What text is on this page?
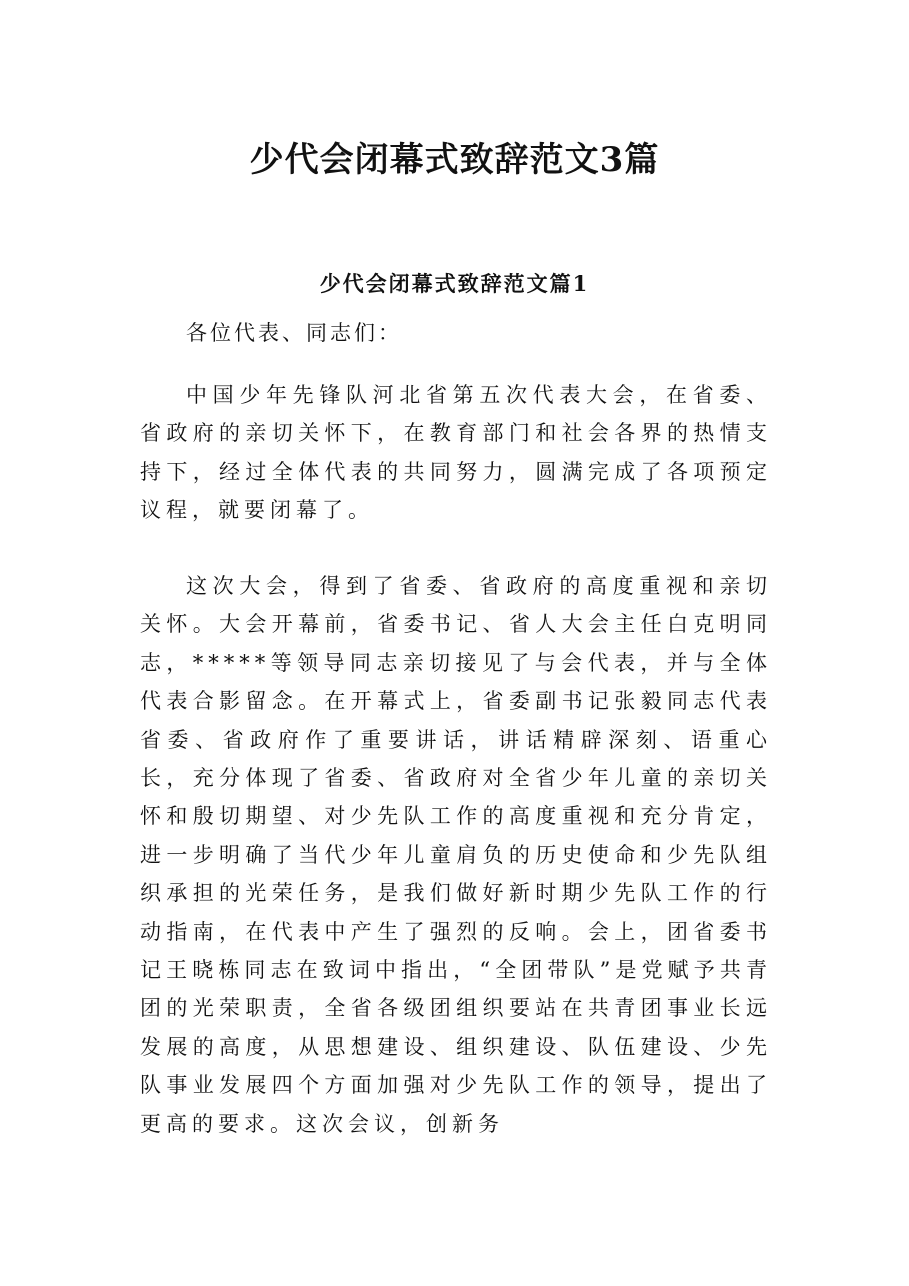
少代会闭幕式致辞范文3篇
少代会闭幕式致辞范文篇1

各位代表、同志们：

中国少年先锋队河北省第五次代表大会，在省委、省政府的亲切关怀下，在教育部门和社会各界的热情支持下，经过全体代表的共同努力，圆满完成了各项预定议程，就要闭幕了。

这次大会，得到了省委、省政府的高度重视和亲切关怀。大会开幕前，省委书记、省人大会主任白克明同志，*****等领导同志亲切接见了与会代表，并与全体代表合影留念。在开幕式上，省委副书记张毅同志代表省委、省政府作了重要讲话，讲话精辟深刻、语重心长，充分体现了省委、省政府对全省少年儿童的亲切关怀和殷切期望、对少先队工作的高度重视和充分肯定，进一步明确了当代少年儿童肩负的历史使命和少先队组织承担的光荣任务，是我们做好新时期少先队工作的行动指南，在代表中产生了强烈的反响。会上，团省委书记王晓栋同志在致词中指出，“全团带队”是党赋予共青团的光荣职责，全省各级团组织要站在共青团事业长远发展的高度，从思想建设、组织建设、队伍建设、少先队事业发展四个方面加强对少先队工作的领导，提出了更高的要求。这次会议，创新务
